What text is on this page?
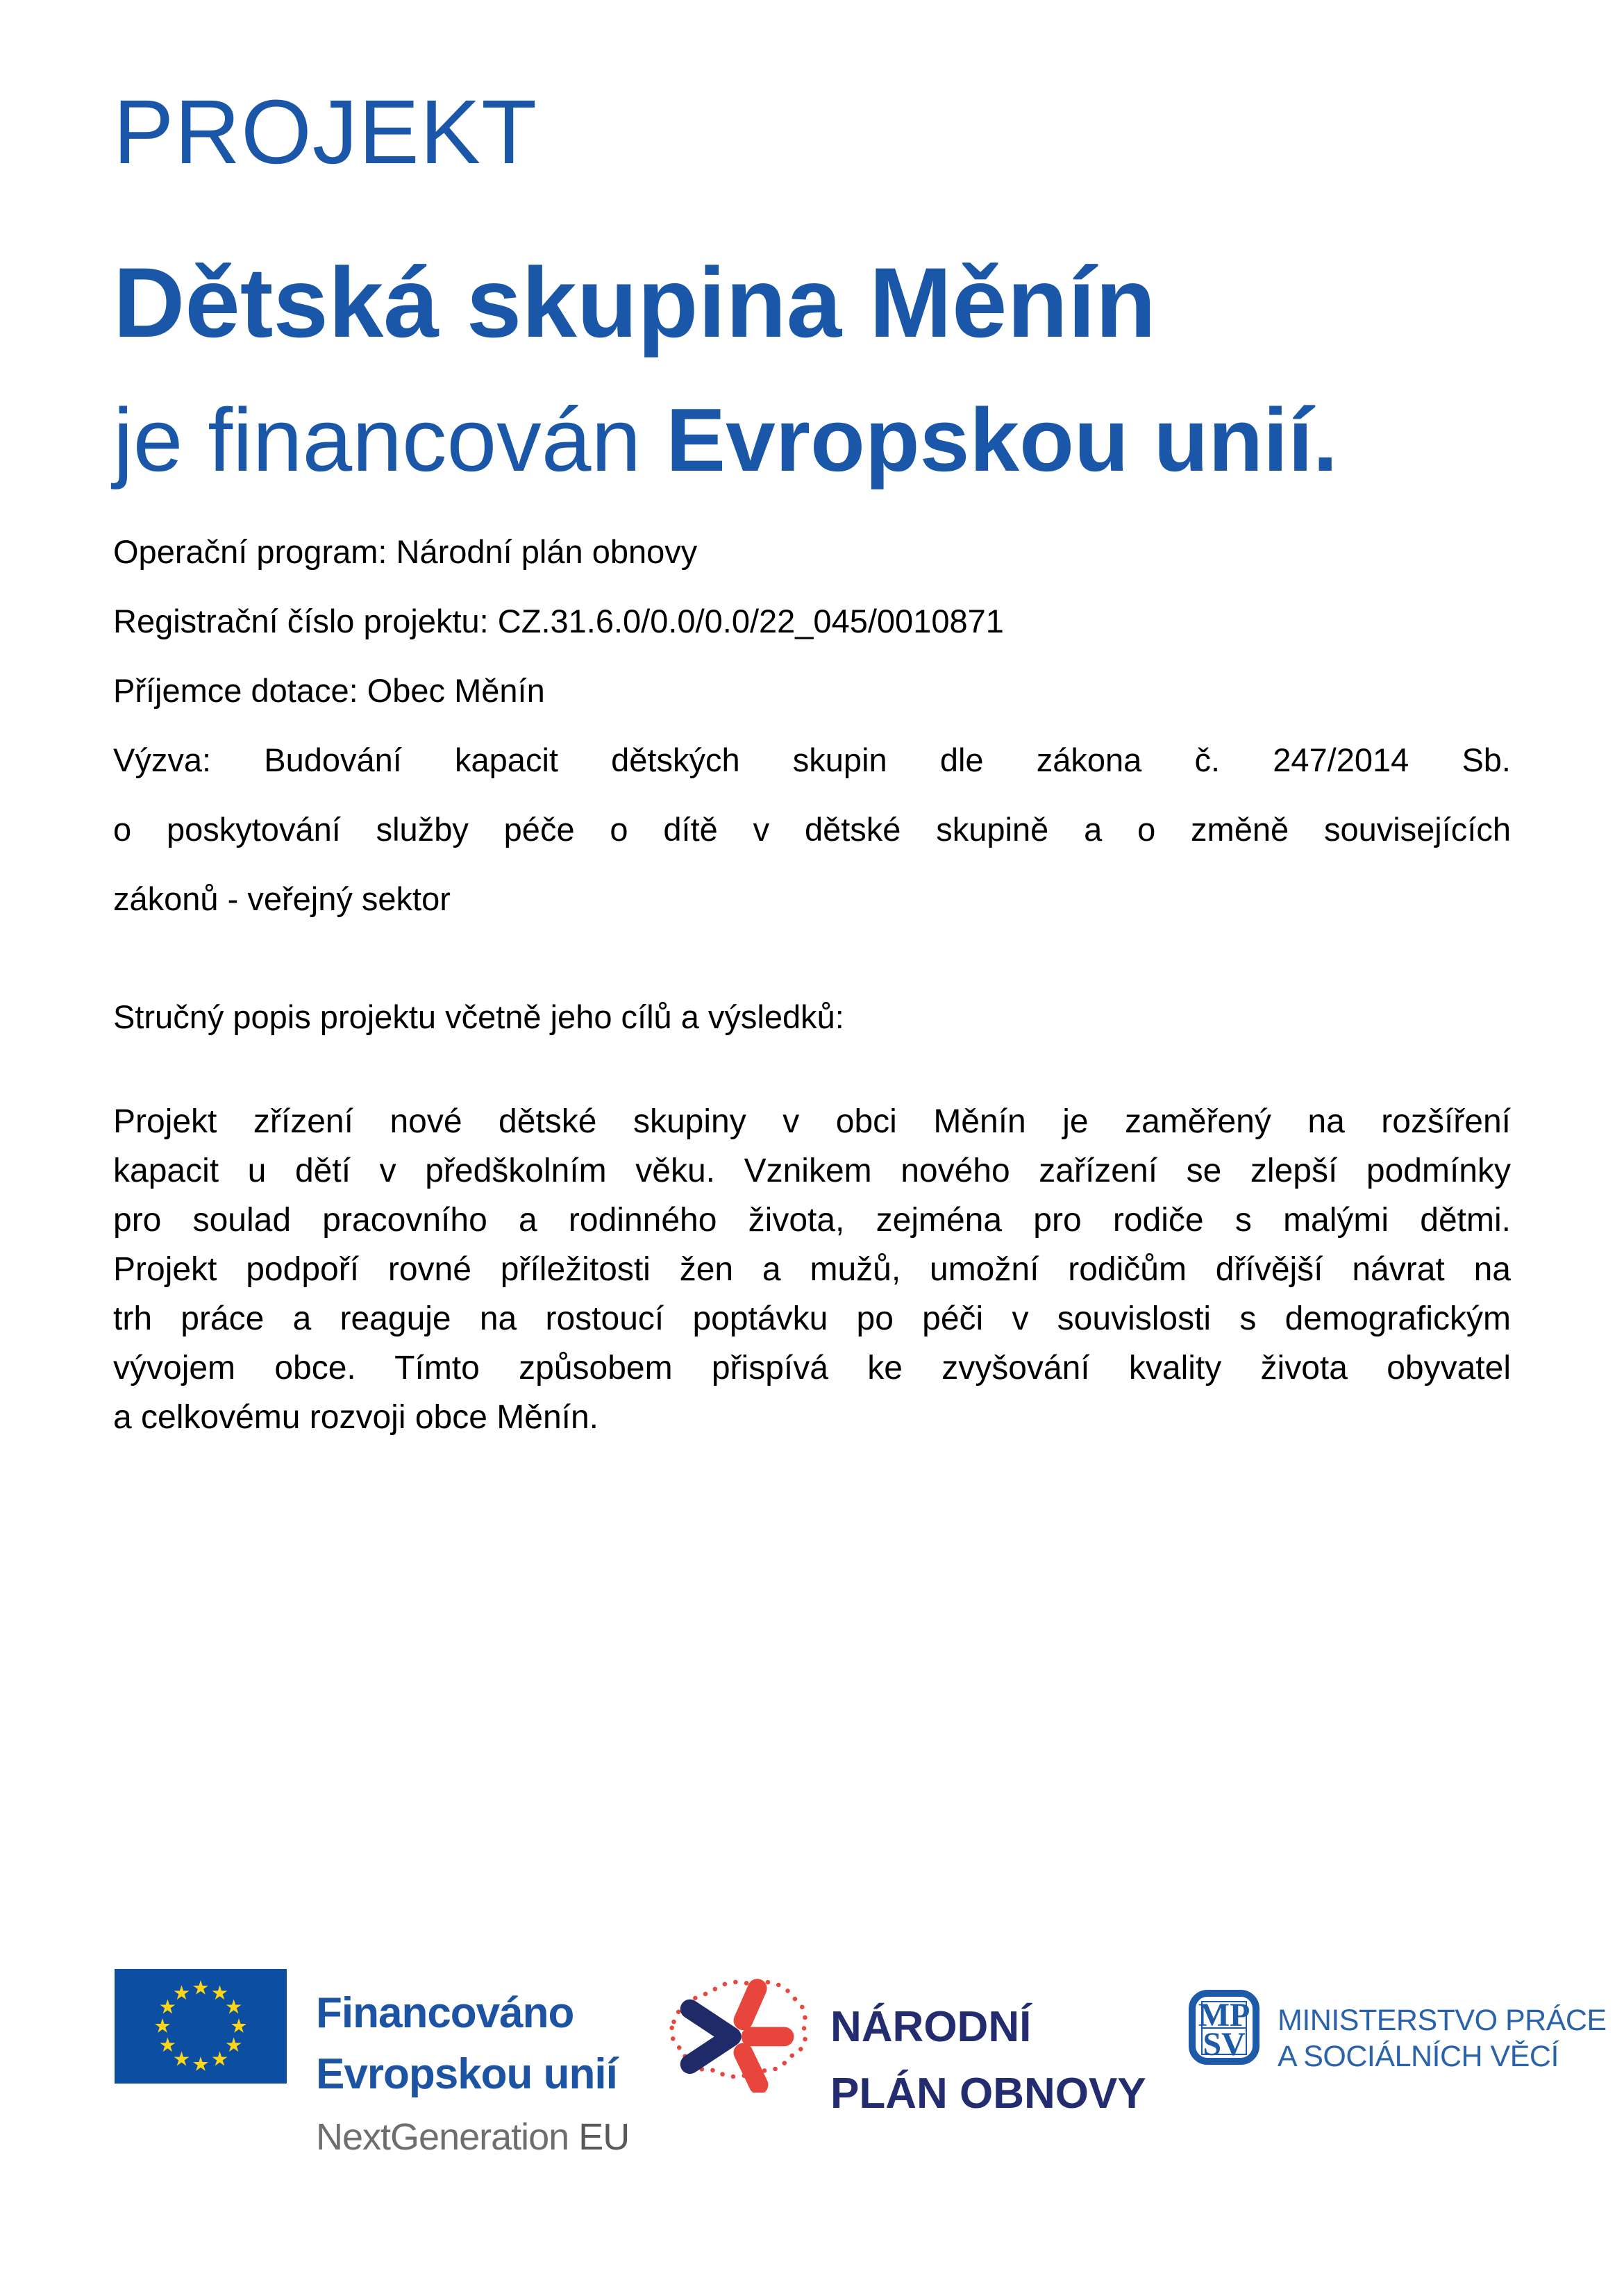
PROJEKT
Dětská skupina Měnín
je financován Evropskou unií.
Operační program: Národní plán obnovy
Registrační číslo projektu: CZ.31.6.0/0.0/0.0/22_045/0010871
Příjemce dotace: Obec Měnín
Výzva: Budování kapacit dětských skupin dle zákona č. 247/2014 Sb.
o poskytování služby péče o dítě v dětské skupině a o změně souvisejících
zákonů - veřejný sektor
Stručný popis projektu včetně jeho cílů a výsledků:
Projekt zřízení nové dětské skupiny v obci Měnín je zaměřený na rozšíření
kapacit u dětí v předškolním věku. Vznikem nového zařízení se zlepší podmínky
pro soulad pracovního a rodinného života, zejména pro rodiče s malými dětmi.
Projekt podpoří rovné příležitosti žen a mužů, umožní rodičům dřívější návrat na
trh práce a reaguje na rostoucí poptávku po péči v souvislosti s demografickým
vývojem obce. Tímto způsobem přispívá ke zvyšování kvality života obyvatel
a celkovému rozvoji obce Měnín.
Financováno
Evropskou unií
NextGeneration EU
NÁRODNÍ
PLÁN OBNOVY
MP
SV
MINISTERSTVO PRÁCE
A SOCIÁLNÍCH VĚCÍ
